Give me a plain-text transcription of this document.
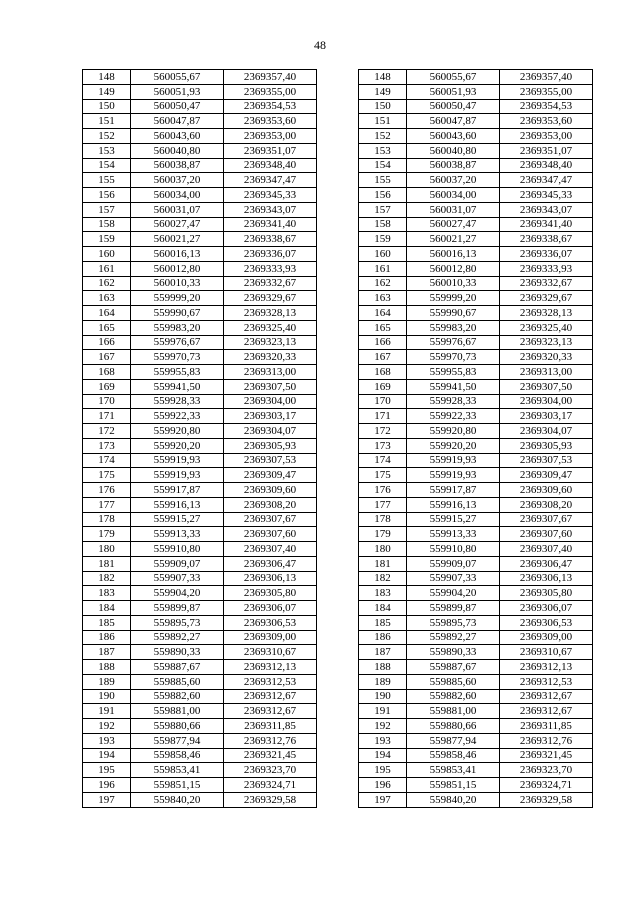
48
148	560055,67	2369357,40
149	560051,93	2369355,00
150	560050,47	2369354,53
151	560047,87	2369353,60
152	560043,60	2369353,00
153	560040,80	2369351,07
154	560038,87	2369348,40
155	560037,20	2369347,47
156	560034,00	2369345,33
157	560031,07	2369343,07
158	560027,47	2369341,40
159	560021,27	2369338,67
160	560016,13	2369336,07
161	560012,80	2369333,93
162	560010,33	2369332,67
163	559999,20	2369329,67
164	559990,67	2369328,13
165	559983,20	2369325,40
166	559976,67	2369323,13
167	559970,73	2369320,33
168	559955,83	2369313,00
169	559941,50	2369307,50
170	559928,33	2369304,00
171	559922,33	2369303,17
172	559920,80	2369304,07
173	559920,20	2369305,93
174	559919,93	2369307,53
175	559919,93	2369309,47
176	559917,87	2369309,60
177	559916,13	2369308,20
178	559915,27	2369307,67
179	559913,33	2369307,60
180	559910,80	2369307,40
181	559909,07	2369306,47
182	559907,33	2369306,13
183	559904,20	2369305,80
184	559899,87	2369306,07
185	559895,73	2369306,53
186	559892,27	2369309,00
187	559890,33	2369310,67
188	559887,67	2369312,13
189	559885,60	2369312,53
190	559882,60	2369312,67
191	559881,00	2369312,67
192	559880,66	2369311,85
193	559877,94	2369312,76
194	559858,46	2369321,45
195	559853,41	2369323,70
196	559851,15	2369324,71
197	559840,20	2369329,58
148	560055,67	2369357,40
149	560051,93	2369355,00
150	560050,47	2369354,53
151	560047,87	2369353,60
152	560043,60	2369353,00
153	560040,80	2369351,07
154	560038,87	2369348,40
155	560037,20	2369347,47
156	560034,00	2369345,33
157	560031,07	2369343,07
158	560027,47	2369341,40
159	560021,27	2369338,67
160	560016,13	2369336,07
161	560012,80	2369333,93
162	560010,33	2369332,67
163	559999,20	2369329,67
164	559990,67	2369328,13
165	559983,20	2369325,40
166	559976,67	2369323,13
167	559970,73	2369320,33
168	559955,83	2369313,00
169	559941,50	2369307,50
170	559928,33	2369304,00
171	559922,33	2369303,17
172	559920,80	2369304,07
173	559920,20	2369305,93
174	559919,93	2369307,53
175	559919,93	2369309,47
176	559917,87	2369309,60
177	559916,13	2369308,20
178	559915,27	2369307,67
179	559913,33	2369307,60
180	559910,80	2369307,40
181	559909,07	2369306,47
182	559907,33	2369306,13
183	559904,20	2369305,80
184	559899,87	2369306,07
185	559895,73	2369306,53
186	559892,27	2369309,00
187	559890,33	2369310,67
188	559887,67	2369312,13
189	559885,60	2369312,53
190	559882,60	2369312,67
191	559881,00	2369312,67
192	559880,66	2369311,85
193	559877,94	2369312,76
194	559858,46	2369321,45
195	559853,41	2369323,70
196	559851,15	2369324,71
197	559840,20	2369329,58
